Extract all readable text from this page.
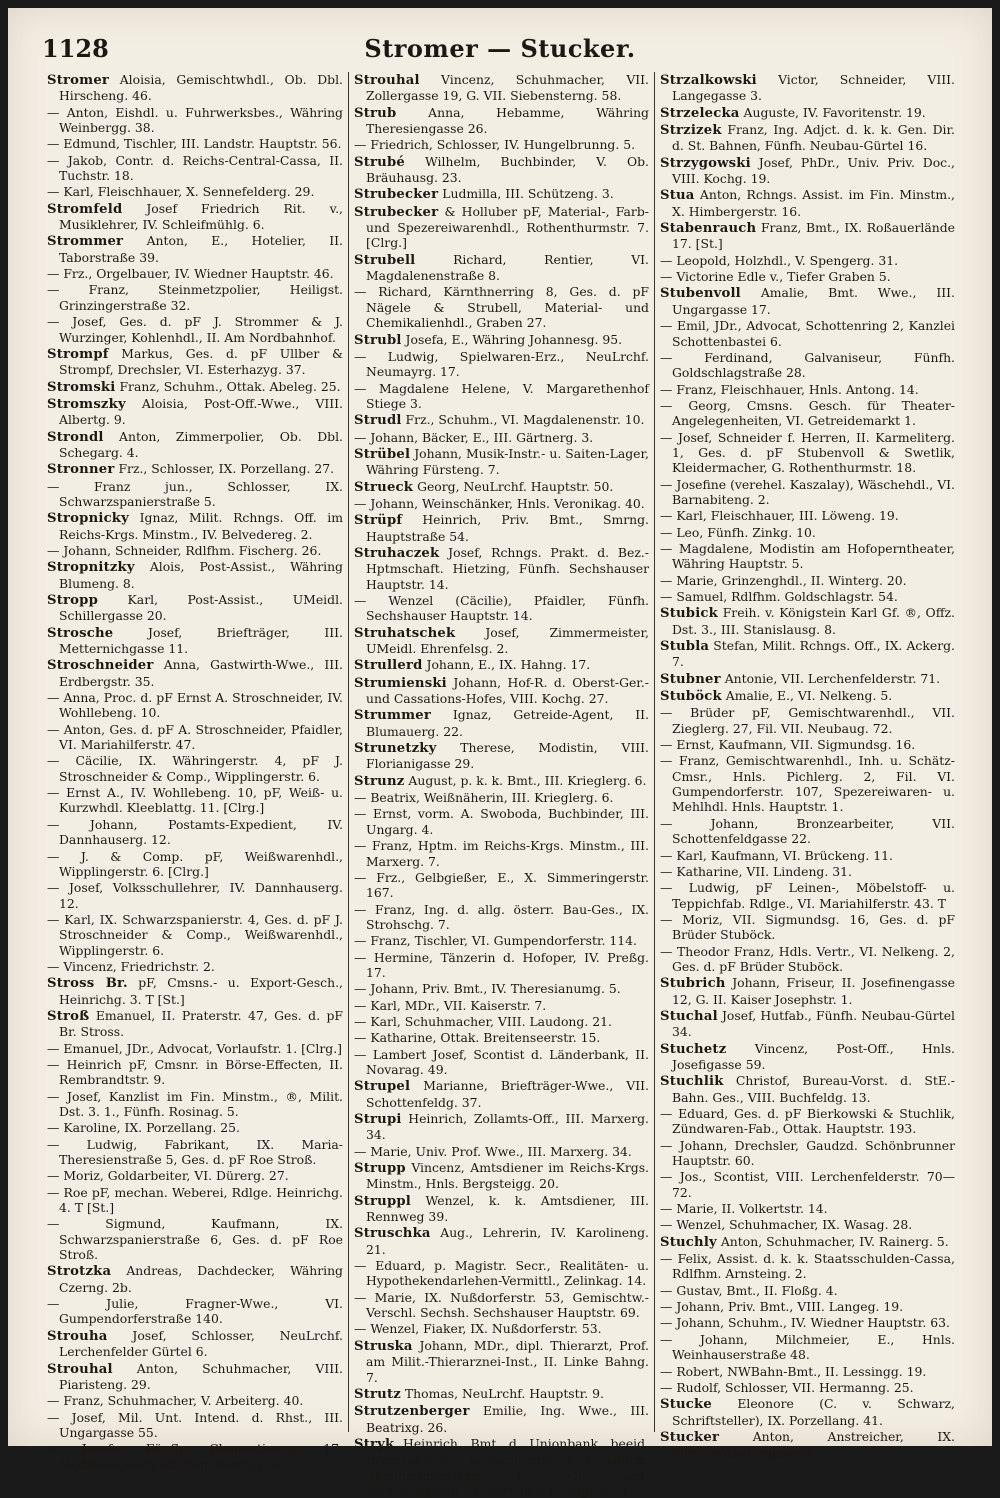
1128	Stromer — Stucker.

Stromer Aloisia, Gemischtwhdl., Ob. Dbl. Hirscheng. 46.

— Anton, Eishdl. u. Fuhrwerksbes., Währing Weinbergg. 38.

— Edmund, Tischler, III. Landstr. Hauptstr. 56.

— Jakob, Contr. d. Reichs-Central-Cassa, II. Tuchstr. 18.

— Karl, Fleischhauer, X. Sennefelderg. 29.

Stromfeld Josef Friedrich Rit. v., Musiklehrer, IV. Schleifmühlg. 6.

Strommer Anton, E., Hotelier, II. Taborstraße 39.

— Frz., Orgelbauer, IV. Wiedner Hauptstr. 46.

— Franz, Steinmetzpolier, Heiligst. Grinzingerstraße 32.

— Josef, Ges. d. pF J. Strommer & J. Wurzinger, Kohlenhdl., II. Am Nordbahnhof.

Strompf Markus, Ges. d. pF Ullber & Strompf, Drechsler, VI. Esterhazyg. 37.

Stromski Franz, Schuhm., Ottak. Abeleg. 25.

Stromszky Aloisia, Post-Off.-Wwe., VIII. Albertg. 9.

Strondl Anton, Zimmerpolier, Ob. Dbl. Schegarg. 4.

Stronner Frz., Schlosser, IX. Porzellang. 27.

— Franz jun., Schlosser, IX. Schwarzspanierstraße 5.

Stropnicky Ignaz, Milit. Rchngs. Off. im Reichs-Krgs. Minstm., IV. Belvedereg. 2.

— Johann, Schneider, Rdlfhm. Fischerg. 26.

Stropnitzky Alois, Post-Assist., Währing Blumeng. 8.

Stropp Karl, Post-Assist., UMeidl. Schillergasse 20.

Strosche	Josef, Briefträger, III. Metternichgasse 11.

Stroschneider Anna, Gastwirth-Wwe., III. Erdbergstr. 35.

— Anna, Proc. d. pF Ernst A. Stroschneider, IV. Wohllebeng. 10.

— Anton, Ges. d. pF A. Stroschneider, Pfaidler, VI. Mariahilferstr. 47.

— Cäcilie, IX. Währingerstr. 4, pF J. Stroschneider & Comp., Wipplingerstr. 6.

— Ernst A., IV. Wohllebeng. 10, pF, Weiß- u. Kurzwhdl. Kleeblattg. 11. [Clrg.]

— Johann, Postamts-Expedient, IV. Dannhauserg. 12.

— J. & Comp. pF, Weißwarenhdl., Wipplingerstr. 6. [Clrg.]

— Josef, Volksschullehrer, IV. Dannhauserg. 12.

— Karl, IX. Schwarzspanierstr. 4, Ges. d. pF J. Stroschneider & Comp., Weißwarenhdl., Wipplingerstr. 6.

— Vincenz, Friedrichstr. 2.

Stross Br. pF, Cmsns.- u. Export-Gesch., Heinrichg. 3. T [St.]

Stroß Emanuel, II. Praterstr. 47, Ges. d. pF Br. Stross.

— Emanuel, JDr., Advocat, Vorlaufstr. 1. [Clrg.]

— Heinrich pF, Cmsnr. in Börse-Effecten, II. Rembrandtstr. 9.

— Josef, Kanzlist im Fin. Minstm., ®, Milit. Dst. 3. 1., Fünfh. Rosinag. 5.

— Karoline, IX. Porzellang. 25.

— Ludwig, Fabrikant, IX. Maria-Theresienstraße 5, Ges. d. pF Roe Stroß.

— Moriz, Goldarbeiter, VI. Dürerg. 27.

— Roe pF, mechan. Weberei, Rdlge. Heinrichg. 4. T [St.]

— Sigmund, Kaufmann, IX. Schwarzspanierstraße 6, Ges. d. pF Roe Stroß.

Strotzka Andreas, Dachdecker, Währing Czerng. 2b.

— Julie, Fragner-Wwe., VI. Gumpendorferstraße 140.

Strouha Josef, Schlosser, NeuLrchf. Lerchenfelder Gürtel 6.

Strouhal Anton, Schuhmacher, VIII. Piaristeng. 29.

— Franz, Schuhmacher, V. Arbeiterg. 40.

— Josef, Mil. Unt. Intend. d. Rhst., III. Ungargasse 55.

— Josefa, Fünfh. Clementineng. 17, Modistengesch. Rdlfhm. Marktg. 8.

Strouhal Vincenz, Schuhmacher, VII. Zollergasse 19, G. VII. Siebensterng. 58.

Strub	Anna, Hebamme, Währing Theresiengasse 26.

— Friedrich, Schlosser, IV. Hungelbrunng. 5.

Strubé Wilhelm, Buchbinder, V. Ob. Bräuhausg. 23.

Strubecker Ludmilla, III. Schützeng. 3.

Strubecker & Holluber pF, Material-, Farb- und Spezereiwarenhdl., Rothenthurmstr. 7. [Clrg.]

Strubell	Richard, Rentier, VI. Magdalenenstraße 8.

— Richard, Kärnthnerring 8, Ges. d. pF Nägele & Strubell, Material- und Chemikalienhdl., Graben 27.

Strubl Josefa, E., Währing Johannesg. 95.

— Ludwig, Spielwaren-Erz., NeuLrchf. Neumayrg. 17.

— Magdalene Helene, V. Margarethenhof Stiege 3.

Strudl Frz., Schuhm., VI. Magdalenenstr. 10.

— Johann, Bäcker, E., III. Gärtnerg. 3.

Strübel Johann, Musik-Instr.- u. Saiten-Lager, Währing Fürsteng. 7.

Strueck Georg, NeuLrchf. Hauptstr. 50.

— Johann, Weinschänker, Hnls. Veronikag. 40.

Strüpf Heinrich, Priv. Bmt., Smrng. Hauptstraße 54.

Struhaczek Josef, Rchngs. Prakt. d. Bez.-Hptmschaft. Hietzing, Fünfh. Sechshauser Hauptstr. 14.

— Wenzel (Cäcilie), Pfaidler, Fünfh. Sechshauser Hauptstr. 14.

Struhatschek Josef, Zimmermeister, UMeidl. Ehrenfelsg. 2.

Strullerd Johann, E., IX. Hahng. 17.

Strumienski Johann, Hof-R. d. Oberst-Ger.- und Cassations-Hofes, VIII. Kochg. 27.

Strummer Ignaz, Getreide-Agent, II. Blumauerg. 22.

Strunetzky Therese, Modistin, VIII. Florianigasse 29.

Strunz August, p. k. k. Bmt., III. Krieglerg. 6.

— Beatrix, Weißnäherin, III. Krieglerg. 6.

— Ernst, vorm. A. Swoboda, Buchbinder, III. Ungarg. 4.

— Franz, Hptm. im Reichs-Krgs. Minstm., III. Marxerg. 7.

— Frz., Gelbgießer, E., X. Simmeringerstr. 167.

— Franz, Ing. d. allg. österr. Bau-Ges., IX. Strohschg. 7.

— Franz, Tischler, VI. Gumpendorferstr. 114.

— Hermine, Tänzerin d. Hofoper, IV. Preßg. 17.

— Johann, Priv. Bmt., IV. Theresianumg. 5.

— Karl, MDr., VII. Kaiserstr. 7.

— Karl, Schuhmacher, VIII. Laudong. 21.

— Katharine, Ottak. Breitenseerstr. 15.

— Lambert Josef, Scontist d. Länderbank, II. Novarag. 49.

Strupel Marianne, Briefträger-Wwe., VII. Schottenfeldg. 37.

Strupi Heinrich, Zollamts-Off., III. Marxerg. 34.

— Marie, Univ. Prof. Wwe., III. Marxerg. 34.

Strupp Vincenz, Amtsdiener im Reichs-Krgs. Minstm., Hnls. Bergsteigg. 20.

Struppl Wenzel, k. k. Amtsdiener, III. Rennweg 39.

Struschka Aug., Lehrerin, IV. Karolineng. 21.

— Eduard, p. Magistr. Secr., Realitäten- u. Hypothekendarlehen-Vermittl., Zelinkag. 14.

— Marie, IX. Nußdorferstr. 53, Gemischtw.-Verschl. Sechsh. Sechshauser Hauptstr. 69.

— Wenzel, Fiaker, IX. Nußdorferstr. 53.

Struska Johann, MDr., dipl. Thierarzt, Prof. am Milit.-Thierarznei-Inst., II. Linke Bahng. 7.

Strutz Thomas, NeuLrchf. Hauptstr. 9.

Strutzenberger Emilie, Ing. Wwe., III. Beatrixg. 26.

Stryk Heinrich, Bmt. d. Unionbank, beeid. Inventur-Cmsr. u. Sachverst. f. d. kaufm. Buchhaltungsfach, E., Ob. Dbl. Hirschengasse 23, Bureau I. Renngasse 1.

Strzalkowski Victor, Schneider, VIII. Langegasse 3.

Strzelecka Auguste, IV. Favoritenstr. 19.

Strzizek Franz, Ing. Adjct. d. k. k. Gen. Dir. d. St. Bahnen, Fünfh. Neubau-Gürtel 16.

Strzygowski Josef, PhDr., Univ. Priv. Doc., VIII. Kochg. 19.

Stua Anton, Rchngs. Assist. im Fin. Minstm., X. Himbergerstr. 16.

Stabenrauch Franz, Bmt., IX. Roßauerlände 17. [St.]

— Leopold, Holzhdl., V. Spengerg. 31.

— Victorine Edle v., Tiefer Graben 5.

Stubenvoll Amalie, Bmt. Wwe., III. Ungargasse 17.

— Emil, JDr., Advocat, Schottenring 2, Kanzlei Schottenbastei 6.

— Ferdinand, Galvaniseur, Fünfh. Goldschlagstraße 28.

— Franz, Fleischhauer, Hnls. Antong. 14.

— Georg, Cmsns. Gesch. für Theater-Angelegenheiten, VI. Getreidemarkt 1.

— Josef, Schneider f. Herren, II. Karmeliterg. 1, Ges. d. pF Stubenvoll & Swetlik, Kleidermacher, G. Rothenthurmstr. 18.

— Josefine (verehel. Kaszalay), Wäschehdl., VI. Barnabiteng. 2.

— Karl, Fleischhauer, III. Löweng. 19.

— Leo, Fünfh. Zinkg. 10.

— Magdalene, Modistin am Hofoperntheater, Währing Hauptstr. 5.

— Marie, Grinzenghdl., II. Winterg. 20.

— Samuel, Rdlfhm. Goldschlagstr. 54.

Stubick Freih. v. Königstein Karl Gf. ®, Offz. Dst. 3., III. Stanislausg. 8.

Stubla Stefan, Milit. Rchngs. Off., IX. Ackerg. 7.

Stubner Antonie, VII. Lerchenfelderstr. 71.

Stuböck Amalie, E., VI. Nelkeng. 5.

— Brüder pF, Gemischtwarenhdl., VII. Zieglerg. 27, Fil. VII. Neubaug. 72.

— Ernst, Kaufmann, VII. Sigmundsg. 16.

— Franz, Gemischtwarenhdl., Inh. u. Schätz-Cmsr., Hnls. Pichlerg. 2, Fil. VI. Gumpendorferstr. 107, Spezereiwaren- u. Mehlhdl. Hnls. Hauptstr. 1.

— Johann, Bronzearbeiter, VII. Schottenfeldgasse 22.

— Karl, Kaufmann, VI. Brückeng. 11.

— Katharine, VII. Lindeng. 31.

— Ludwig, pF Leinen-, Möbelstoff- u. Teppichfab. Rdlge., VI. Mariahilferstr. 43. T

— Moriz, VII. Sigmundsg. 16, Ges. d. pF Brüder Stuböck.

— Theodor Franz, Hdls. Vertr., VI. Nelkeng. 2, Ges. d. pF Brüder Stuböck.

Stubrich Johann, Friseur, II. Josefinengasse 12, G. II. Kaiser Josephstr. 1.

Stuchal Josef, Hutfab., Fünfh. Neubau-Gürtel 34.

Stuchetz Vincenz, Post-Off., Hnls. Josefigasse 59.

Stuchlik Christof, Bureau-Vorst. d. StE.-Bahn. Ges., VIII. Buchfeldg. 13.

— Eduard, Ges. d. pF Bierkowski & Stuchlik, Zündwaren-Fab., Ottak. Hauptstr. 193.

— Johann, Drechsler, Gaudzd. Schönbrunner Hauptstr. 60.

— Jos., Scontist, VIII. Lerchenfelderstr. 70—72.

— Marie, II. Volkertstr. 14.

— Wenzel, Schuhmacher, IX. Wasag. 28.

Stuchly Anton, Schuhmacher, IV. Rainerg. 5.

— Felix, Assist. d. k. k. Staatsschulden-Cassa, Rdlfhm. Arnsteing. 2.

— Gustav, Bmt., II. Floßg. 4.

— Johann, Priv. Bmt., VIII. Langeg. 19.

— Johann, Schuhm., IV. Wiedner Hauptstr. 63.

— Johann, Milchmeier, E., Hnls. Weinhauserstraße 48.

— Robert, NWBahn-Bmt., II. Lessingg. 19.

— Rudolf, Schlosser, VII. Hermanng. 25.

Stucke Eleonore (C. v. Schwarz, Schriftsteller), IX. Porzellang. 41.

Stucker	Anton, Anstreicher, IX. Liechtenthalergasse 6.
